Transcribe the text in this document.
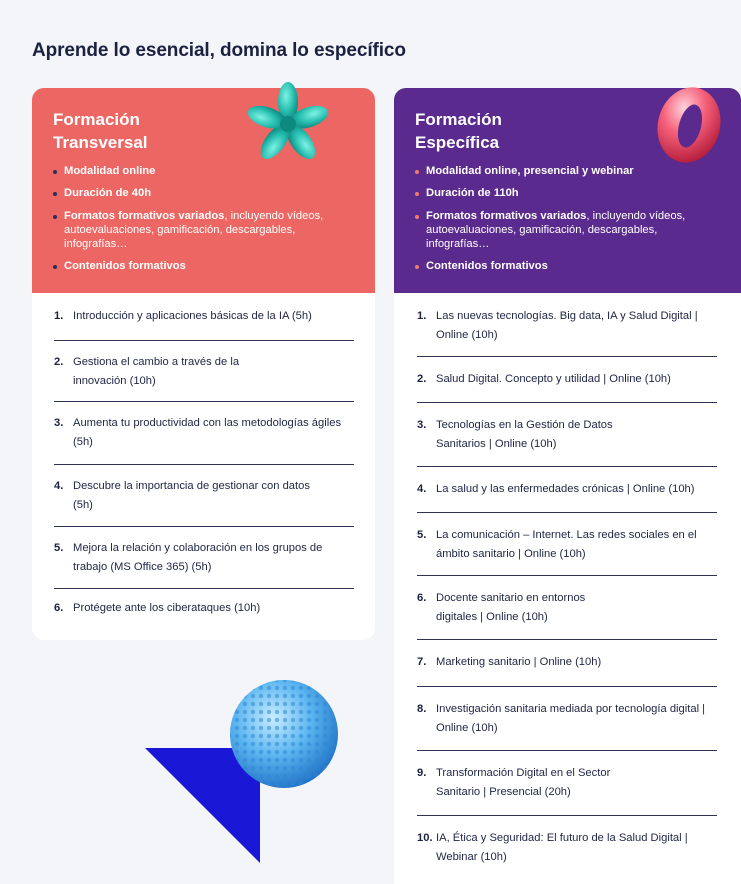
Aprende lo esencial, domina lo específico
Formación
Transversal
Modalidad online
Duración de 40h
Formatos formativos variados, incluyendo vídeos, autoevaluaciones, gamificación, descargables, infografías…
Contenidos formativos
1. Introducción y aplicaciones básicas de la IA (5h)
2. Gestiona el cambio a través de la innovación (10h)
3. Aumenta tu productividad con las metodologías ágiles (5h)
4. Descubre la importancia de gestionar con datos (5h)
5. Mejora la relación y colaboración en los grupos de trabajo (MS Office 365) (5h)
6. Protégete ante los ciberataques (10h)
Formación
Específica
Modalidad online, presencial y webinar
Duración de 110h
Formatos formativos variados, incluyendo vídeos, autoevaluaciones, gamificación, descargables, infografías…
Contenidos formativos
1. Las nuevas tecnologías. Big data, IA y Salud Digital | Online (10h)
2. Salud Digital. Concepto y utilidad | Online (10h)
3. Tecnologías en la Gestión de Datos Sanitarios | Online (10h)
4. La salud y las enfermedades crónicas | Online (10h)
5. La comunicación – Internet. Las redes sociales en el ámbito sanitario | Online (10h)
6. Docente sanitario en entornos digitales | Online (10h)
7. Marketing sanitario | Online (10h)
8. Investigación sanitaria mediada por tecnología digital | Online (10h)
9. Transformación Digital en el Sector Sanitario | Presencial (20h)
10. IA, Ética y Seguridad: El futuro de la Salud Digital | Webinar (10h)
